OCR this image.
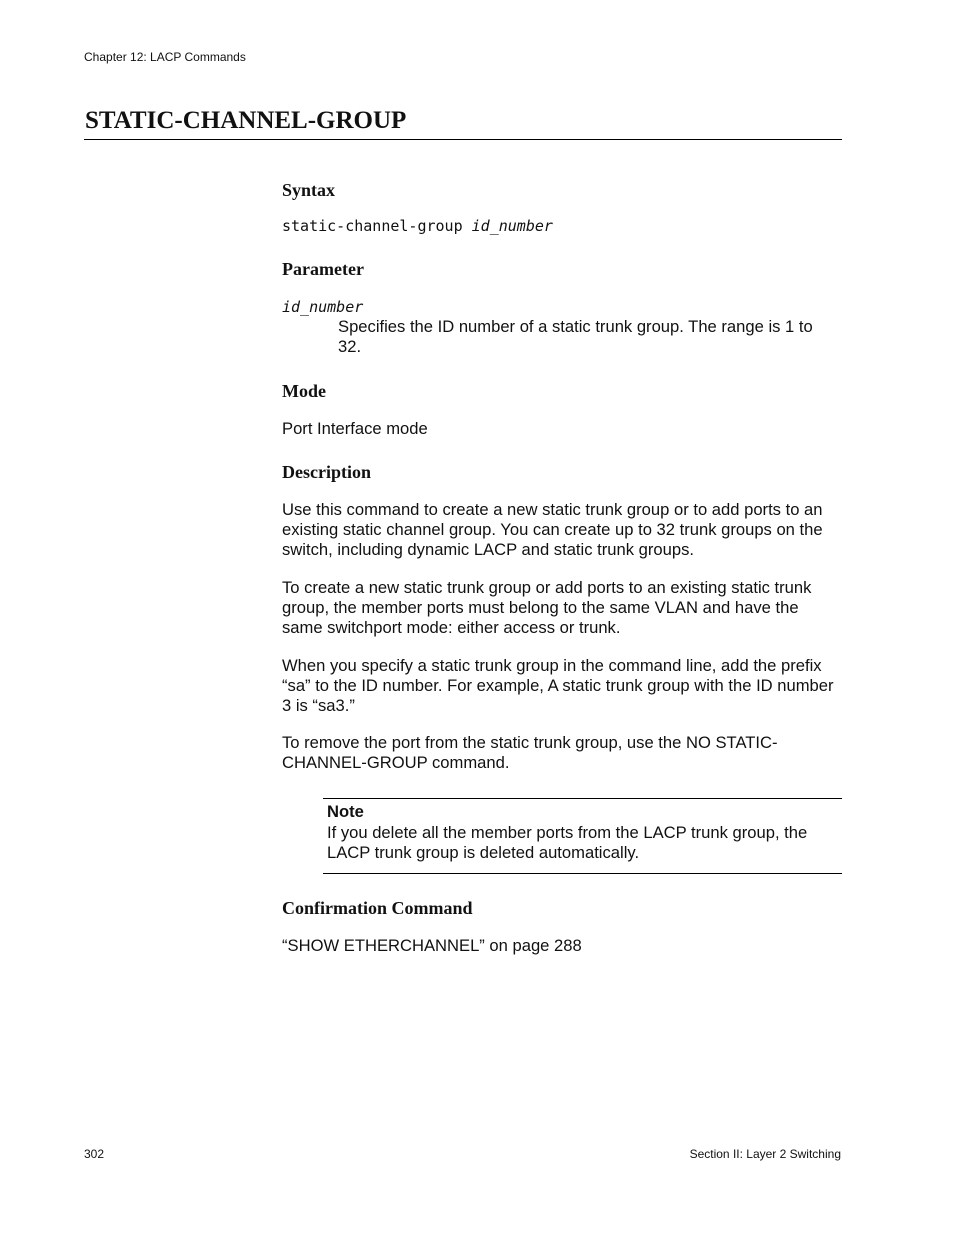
Chapter 12: LACP Commands
STATIC-CHANNEL-GROUP
Syntax
static-channel-group id_number
Parameter
id_number

Specifies the ID number of a static trunk group. The range is 1 to
32.

Mode

Port Interface mode

Description

Use this command to create a new static trunk group or to add ports to an existing static channel group. You can create up to 32 trunk groups on the switch, including dynamic LACP and static trunk groups.

To create a new static trunk group or add ports to an existing static trunk group, the member ports must belong to the same VLAN and have the same switchport mode: either access or trunk.

When you specify a static trunk group in the command line, add the prefix “sa” to the ID number. For example, A static trunk group with the ID number 3 is “sa3.”

To remove the port from the static trunk group, use the NO STATIC-CHANNEL-GROUP command.

Note

If you delete all the member ports from the LACP trunk group, the LACP trunk group is deleted automatically.

Confirmation Command

“SHOW ETHERCHANNEL” on page 288

302	Section II: Layer 2 Switching
